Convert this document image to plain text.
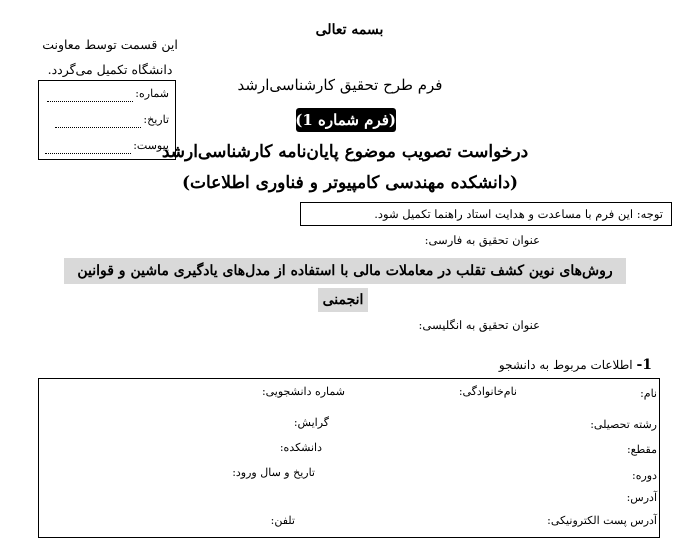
بسمه تعالی
این قسمت توسط معاونت
دانشگاه تکمیل می‌گردد.
شماره:
تاریخ:
پیوست:
فرم طرح تحقیق کارشناسی‌ارشد
(فرم شماره 1)
درخواست تصویب موضوع پایان‌نامه کارشناسی‌ارشد
(دانشکده مهندسی کامپیوتر و فناوری اطلاعات)
توجه: این فرم با مساعدت و هدایت استاد راهنما تکمیل شود.
عنوان تحقیق به فارسی:
روش‌های نوین کشف تقلب در معاملات مالی با استفاده از مدل‌های یادگیری ماشین و قوانین
انجمنی
عنوان تحقیق به انگلیسی:
1- اطلاعات مربوط به دانشجو
نام:
نام‌خانوادگی:
شماره دانشجویی:
رشته تحصیلی:
گرایش:
مقطع:
دانشکده:
دوره:
تاریخ و سال ورود:
آدرس:
آدرس پست الکترونیکی:
تلفن:
